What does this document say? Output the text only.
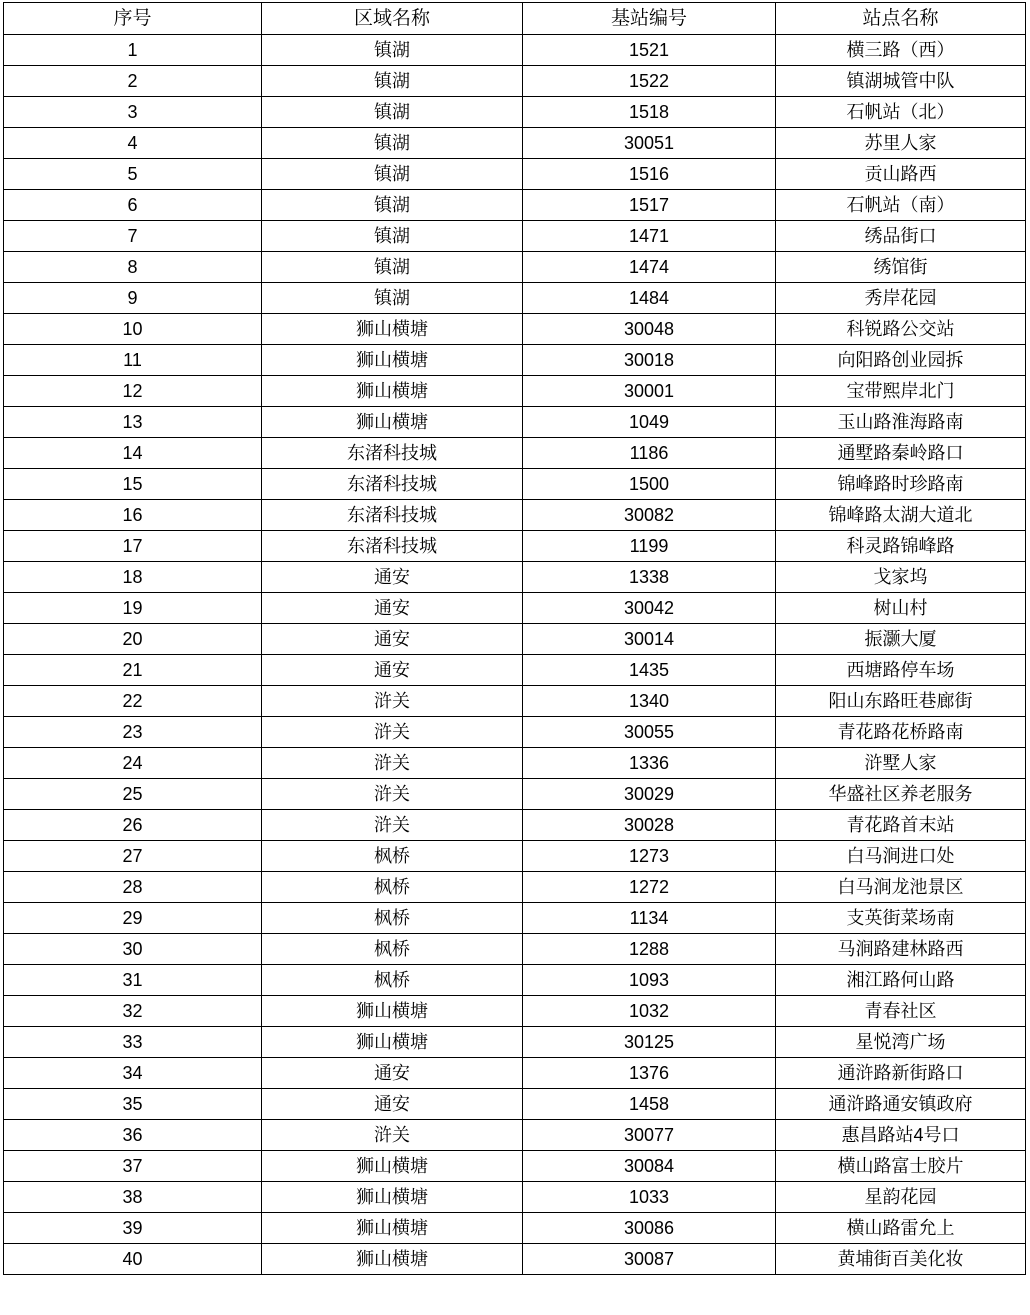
序号	区域名称	基站编号	站点名称
1	镇湖	1521	横三路（西）
2	镇湖	1522	镇湖城管中队
3	镇湖	1518	石帆站（北）
4	镇湖	30051	苏里人家
5	镇湖	1516	贡山路西
6	镇湖	1517	石帆站（南）
7	镇湖	1471	绣品街口
8	镇湖	1474	绣馆街
9	镇湖	1484	秀岸花园
10	狮山横塘	30048	科锐路公交站
11	狮山横塘	30018	向阳路创业园拆
12	狮山横塘	30001	宝带熙岸北门
13	狮山横塘	1049	玉山路淮海路南
14	东渚科技城	1186	通墅路秦岭路口
15	东渚科技城	1500	锦峰路时珍路南
16	东渚科技城	30082	锦峰路太湖大道北
17	东渚科技城	1199	科灵路锦峰路
18	通安	1338	戈家坞
19	通安	30042	树山村
20	通安	30014	振灏大厦
21	通安	1435	西塘路停车场
22	浒关	1340	阳山东路旺巷廊街
23	浒关	30055	青花路花桥路南
24	浒关	1336	浒墅人家
25	浒关	30029	华盛社区养老服务
26	浒关	30028	青花路首末站
27	枫桥	1273	白马涧进口处
28	枫桥	1272	白马涧龙池景区
29	枫桥	1134	支英街菜场南
30	枫桥	1288	马涧路建林路西
31	枫桥	1093	湘江路何山路
32	狮山横塘	1032	青春社区
33	狮山横塘	30125	星悦湾广场
34	通安	1376	通浒路新街路口
35	通安	1458	通浒路通安镇政府
36	浒关	30077	惠昌路站4号口
37	狮山横塘	30084	横山路富士胶片
38	狮山横塘	1033	星韵花园
39	狮山横塘	30086	横山路雷允上
40	狮山横塘	30087	黄埔街百美化妆
